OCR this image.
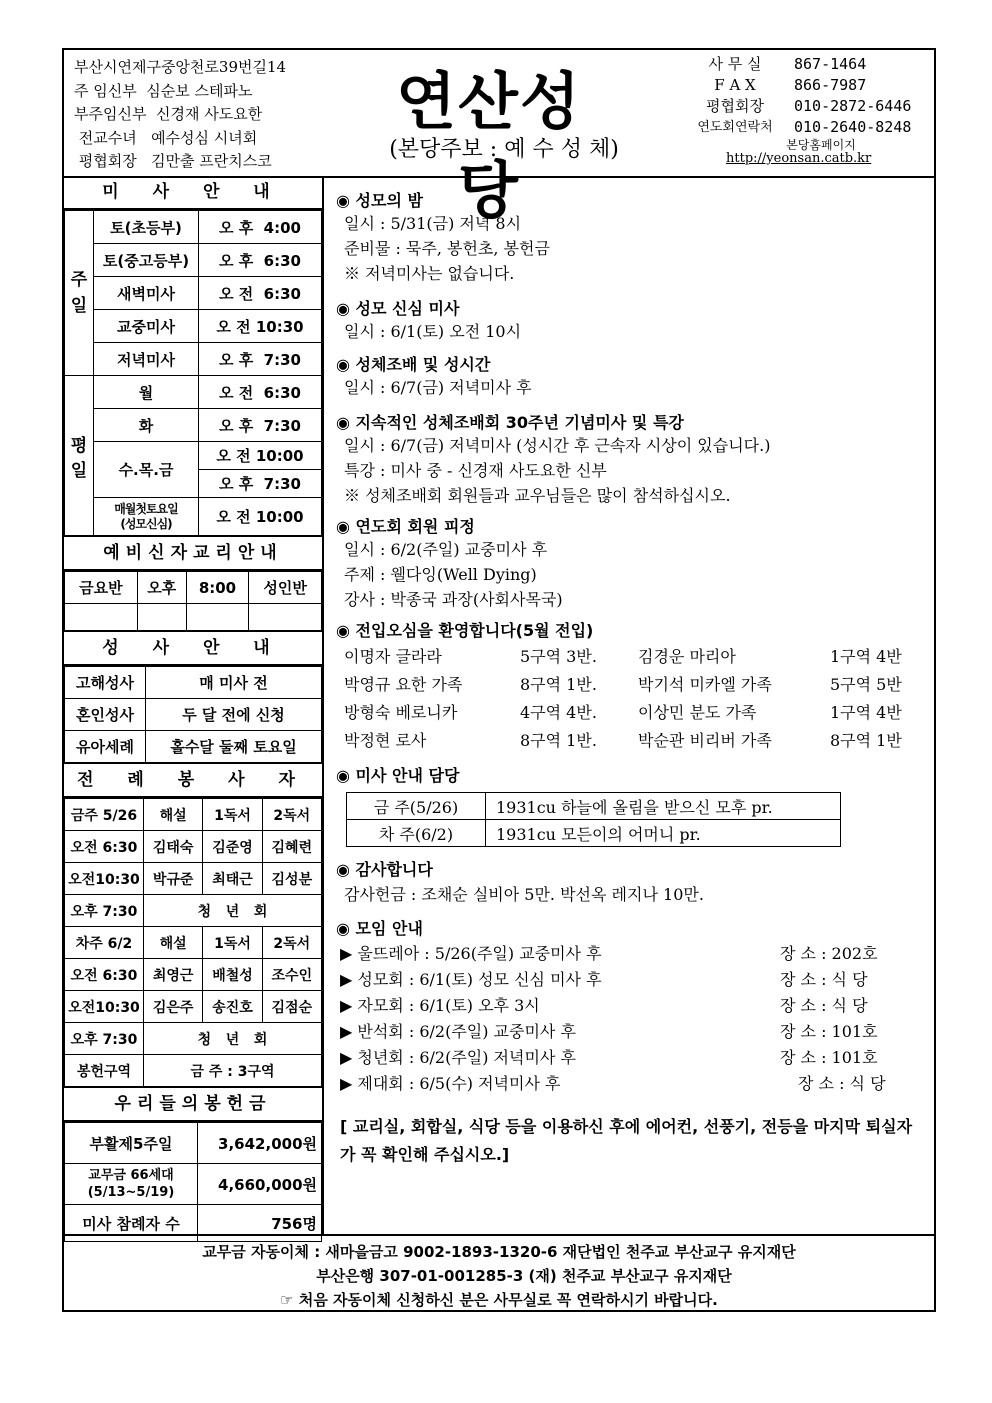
부산시연제구중앙천로39번길14
주 임신부 심순보 스테파노
부주임신부 신경재 사도요한
전교수녀 예수성심 시녀회
평협회장 김만출 프란치스코
연산성당
(본당주보 : 예 수 성 체)
사 무 실	867-1464
F A X	866-7987
평협회장	010-2872-6446
연도회연락처	010-2640-8248
본당홈페이지
http://yeonsan.catb.kr
미 사 안 내
주일	토(초등부)	오 후  4:00
	토(중고등부)	오 후  6:30
	새벽미사	오 전  6:30
	교중미사	오 전 10:30
	저녁미사	오 후  7:30
평일	월	오 전  6:30
	화	오 후  7:30
	수.목.금	오 전 10:00
		오 후  7:30
	매월첫토요일
(성모신심)	오 전 10:00
예비신자교리안내
금요반	오후	8:00	성인반

성 사 안 내
고해성사	매 미사 전
혼인성사	두 달 전에 신청
유아세례	홀수달 둘째 토요일
전 례 봉 사 자
금주 5/26	해설	1독서	2독서
오전 6:30	김태숙	김준영	김혜련
오전10:30	박규준	최태근	김성분
오후 7:30	청   년   회		
차주 6/2	해설	1독서	2독서
오전 6:30	최영근	배철성	조수인
오전10:30	김은주	송진호	김점순
오후 7:30	청   년   회		
봉헌구역	금 주 : 3구역		
우리들의봉헌금
부활제5주일	3,642,000원
교무금 66세대
(5/13~5/19)	4,660,000원
미사 참례자 수	756명
◉ 성모의 밤
일시 : 5/31(금) 저녁 8시
준비물 : 묵주, 봉헌초, 봉헌금
※ 저녁미사는 없습니다.
◉ 성모 신심 미사
일시 : 6/1(토) 오전 10시
◉ 성체조배 및 성시간
일시 : 6/7(금) 저녁미사 후
◉ 지속적인 성체조배회 30주년 기념미사 및 특강
일시 : 6/7(금) 저녁미사 (성시간 후 근속자 시상이 있습니다.)
특강 : 미사 중 - 신경재 사도요한 신부
※ 성체조배회 회원들과 교우님들은 많이 참석하십시오.
◉ 연도회 회원 피정
일시 : 6/2(주일) 교중미사 후
주제 : 웰다잉(Well Dying)
강사 : 박종국 과장(사회사목국)
◉ 전입오심을 환영합니다(5월 전입)
이명자 글라라	5구역 3반.	김경운 마리아	1구역 4반
박영규 요한 가족	8구역 1반.	박기석 미카엘 가족	5구역 5반
방형숙 베로니카	4구역 4반.	이상민 분도 가족	1구역 4반
박정현 로사	8구역 1반.	박순관 비리버 가족	8구역 1반
◉ 미사 안내 담당
금 주(5/26)	1931cu 하늘에 올림을 받으신 모후 pr.
차 주(6/2)	1931cu 모든이의 어머니 pr.
◉ 감사합니다
감사헌금 : 조채순 실비아 5만. 박선옥 레지나 10만.
◉ 모임 안내
▶ 울뜨레아 : 5/26(주일) 교중미사 후	장 소 : 202호
▶ 성모회 : 6/1(토) 성모 신심 미사 후	장 소 : 식 당
▶ 자모회 : 6/1(토) 오후 3시	장 소 : 식 당
▶ 반석회 : 6/2(주일) 교중미사 후	장 소 : 101호
▶ 청년회 : 6/2(주일) 저녁미사 후	장 소 : 101호
▶ 제대회 : 6/5(수) 저녁미사 후	장 소 : 식 당
[ 교리실, 회합실, 식당 등을 이용하신 후에 에어컨, 선풍기, 전등을 마지막 퇴실자가 꼭 확인해 주십시오.]
교무금 자동이체 : 새마을금고 9002-1893-1320-6 재단법인 천주교 부산교구 유지재단
부산은행 307-01-001285-3 (재) 천주교 부산교구 유지재단
☞ 처음 자동이체 신청하신 분은 사무실로 꼭 연락하시기 바랍니다.
